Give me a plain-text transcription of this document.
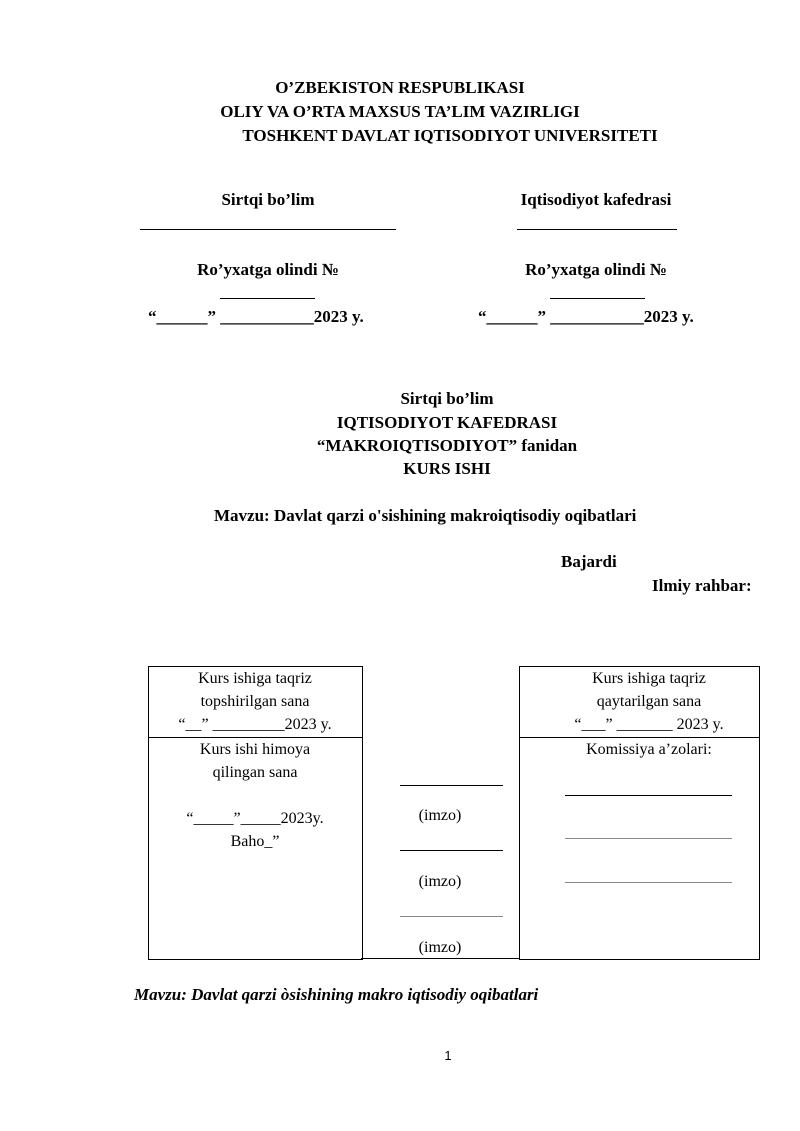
O’ZBEKISTON RESPUBLIKASI
OLIY VA O’RTA MAXSUS TA’LIM VAZIRLIGI
TOSHKENT DAVLAT IQTISODIYOT UNIVERSITETI
Sirtqi bo’lim
Ro’yxatga olindi №
“______” ___________2023 y.
Iqtisodiyot kafedrasi
Ro’yxatga olindi №
“______” ___________2023 y.
Sirtqi bo’lim
IQTISODIYOT KAFEDRASI
“MAKROIQTISODIYOT” fanidan
KURS ISHI
Mavzu: Davlat qarzi o'sishining makroiqtisodiy oqibatlari
Bajardi
Ilmiy rahbar:
Kurs ishiga taqriz
topshirilgan sana
“__” _________2023 y.
Kurs ishiga taqriz
qaytarilgan sana
“___” _______ 2023 y.
Kurs ishi himoya
qilingan sana
“_____”_____2023y.
Baho_”
(imzo)
(imzo)
(imzo)
Komissiya a’zolari:
Mavzu: Davlat qarzi òsishining makro iqtisodiy oqibatlari
1
